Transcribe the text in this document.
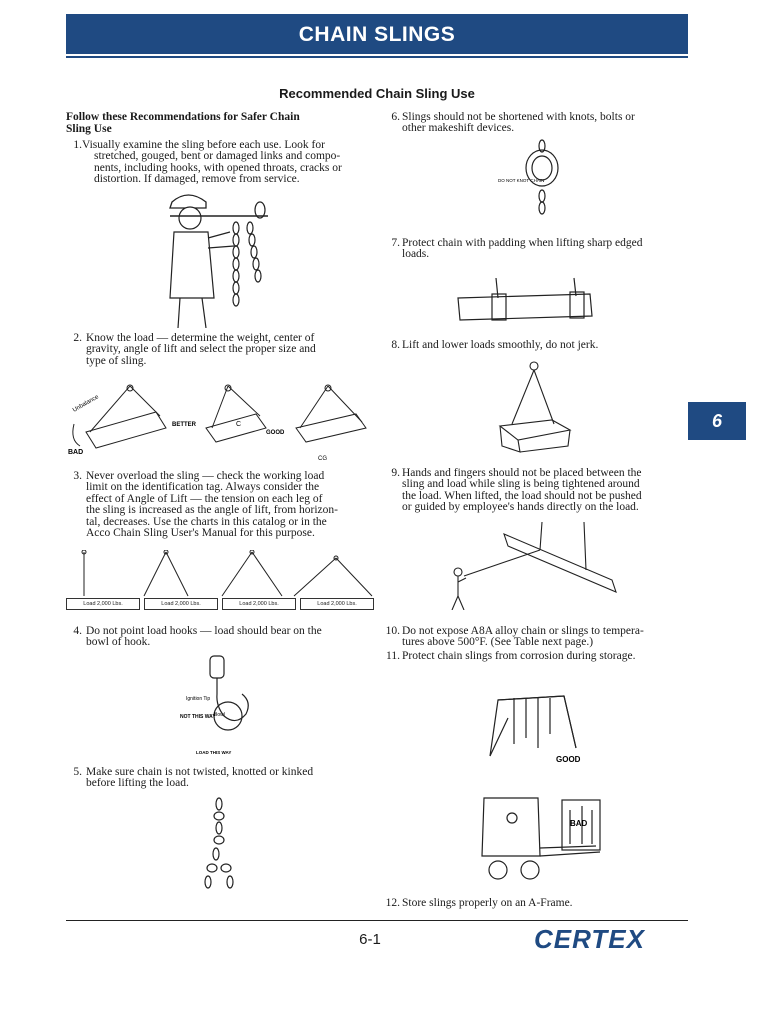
CHAIN SLINGS
Recommended Chain Sling Use
Follow these Recommendations for Safer Chain
Sling Use
1. Visually examine the sling before each use. Look for
stretched, gouged, bent or damaged links and compo-
nents, including hooks, with opened throats, cracks or
distortion. If damaged, remove from service.
2. Know the load — determine the weight, center of
gravity, angle of lift and select the proper size and
type of sling.
3. Never overload the sling — check the working load
limit on the identification tag. Always consider the
effect of Angle of Lift — the tension on each leg of
the sling is increased as the angle of lift, from horizon-
tal, decreases. Use the charts in this catalog or in the
Acco Chain Sling User's Manual for this purpose.
4. Do not point load hooks — load should bear on the
bowl of hook.
5. Make sure chain is not twisted, knotted or kinked
before lifting the load.
6. Slings should not be shortened with knots, bolts or
other makeshift devices.
7. Protect chain with padding when lifting sharp edged
loads.
8. Lift and lower loads smoothly, do not jerk.
9. Hands and fingers should not be placed between the
sling and load while sling is being tightened around
the load. When lifted, the load should not be pushed
or guided by employee's hands directly on the load.
10. Do not expose A8A alloy chain or slings to tempera-
tures above 500°F. (See Table next page.)
11. Protect chain slings from corrosion during storage.
12. Store slings properly on an A-Frame.
Unbalance
BAD
BETTER	C
GOOD
CG
Load 2,000 Lbs.	Load 2,000 Lbs.	Load 2,000 Lbs.	Load 2,000 Lbs.
Ignition Tip
NOT THIS WAY
Bowl
LOAD THIS WAY
DO NOT KNOT CHAIN
GOOD
BAD
6
6-1	CERTEX
